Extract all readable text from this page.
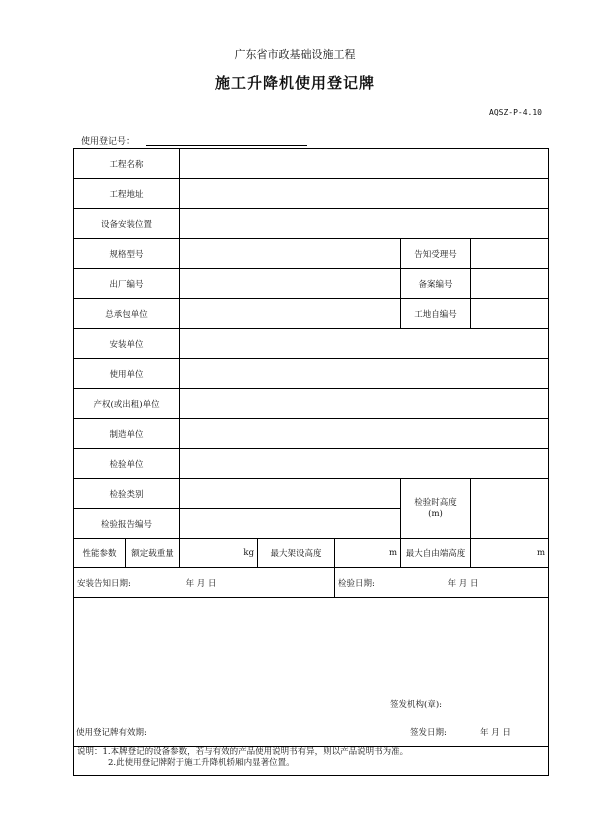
广东省市政基础设施工程
施工升降机使用登记牌
AQSZ-P-4.10
使用登记号：
工程名称						
工程地址						
设备安装位置						
规格型号					告知受理号	
出厂编号					备案编号	
总承包单位					工地自编号	
安装单位						
使用单位						
产权(或出租)单位						
制造单位						
检验单位						
检验类别					检验时高度
(m)	
检验报告编号						
性能参数	额定载重量	kg	最大架设高度	m	最大自由端高度	m
安装告知日期: 年 月 日				检验日期: 年 月 日		

签发机构(章):
使用登记牌有效期: 签发日期: 年 月 日						

说明：1.本牌登记的设备参数，若与有效的产品使用说明书有异，则以产品说明书为准。
2.此使用登记牌附于施工升降机轿厢内显著位置。						
